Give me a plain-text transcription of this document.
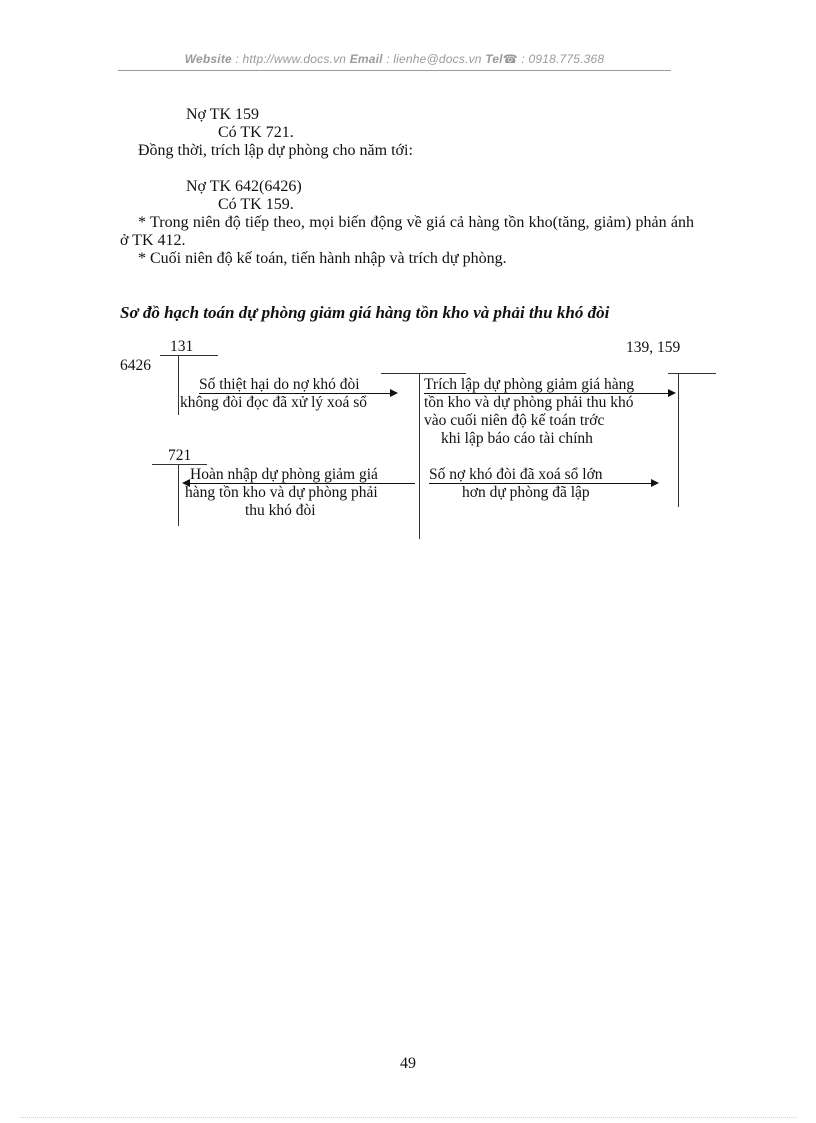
Website : http://www.docs.vn Email : lienhe@docs.vn Tel☎ : 0918.775.368
Nợ TK 159
Có TK 721.
Đồng thời, trích lập dự phòng cho năm tới:
Nợ TK 642(6426)
Có TK 159.
* Trong niên độ tiếp theo, mọi biến động về giá cả hàng tồn kho(tăng, giảm) phản ánh ở TK 412.
* Cuối niên độ kế toán, tiến hành nhập và trích dự phòng.
Sơ đồ hạch toán dự phòng giảm giá hàng tồn kho và phải thu khó đòi
131
6426
139, 159
Số thiệt hại do nợ khó đòi
không đòi đọc đã xử lý xoá sổ
Trích lập dự phòng giảm giá hàng
tồn kho và dự phòng phải thu khó
vào cuối niên độ kế toán trớc
khi lập báo cáo tài chính
721
Hoàn nhập dự phòng giảm giá
hàng tồn kho và dự phòng phải
thu khó đòi
Số nợ khó đòi đã xoá sổ lớn
hơn dự phòng đã lập
49
